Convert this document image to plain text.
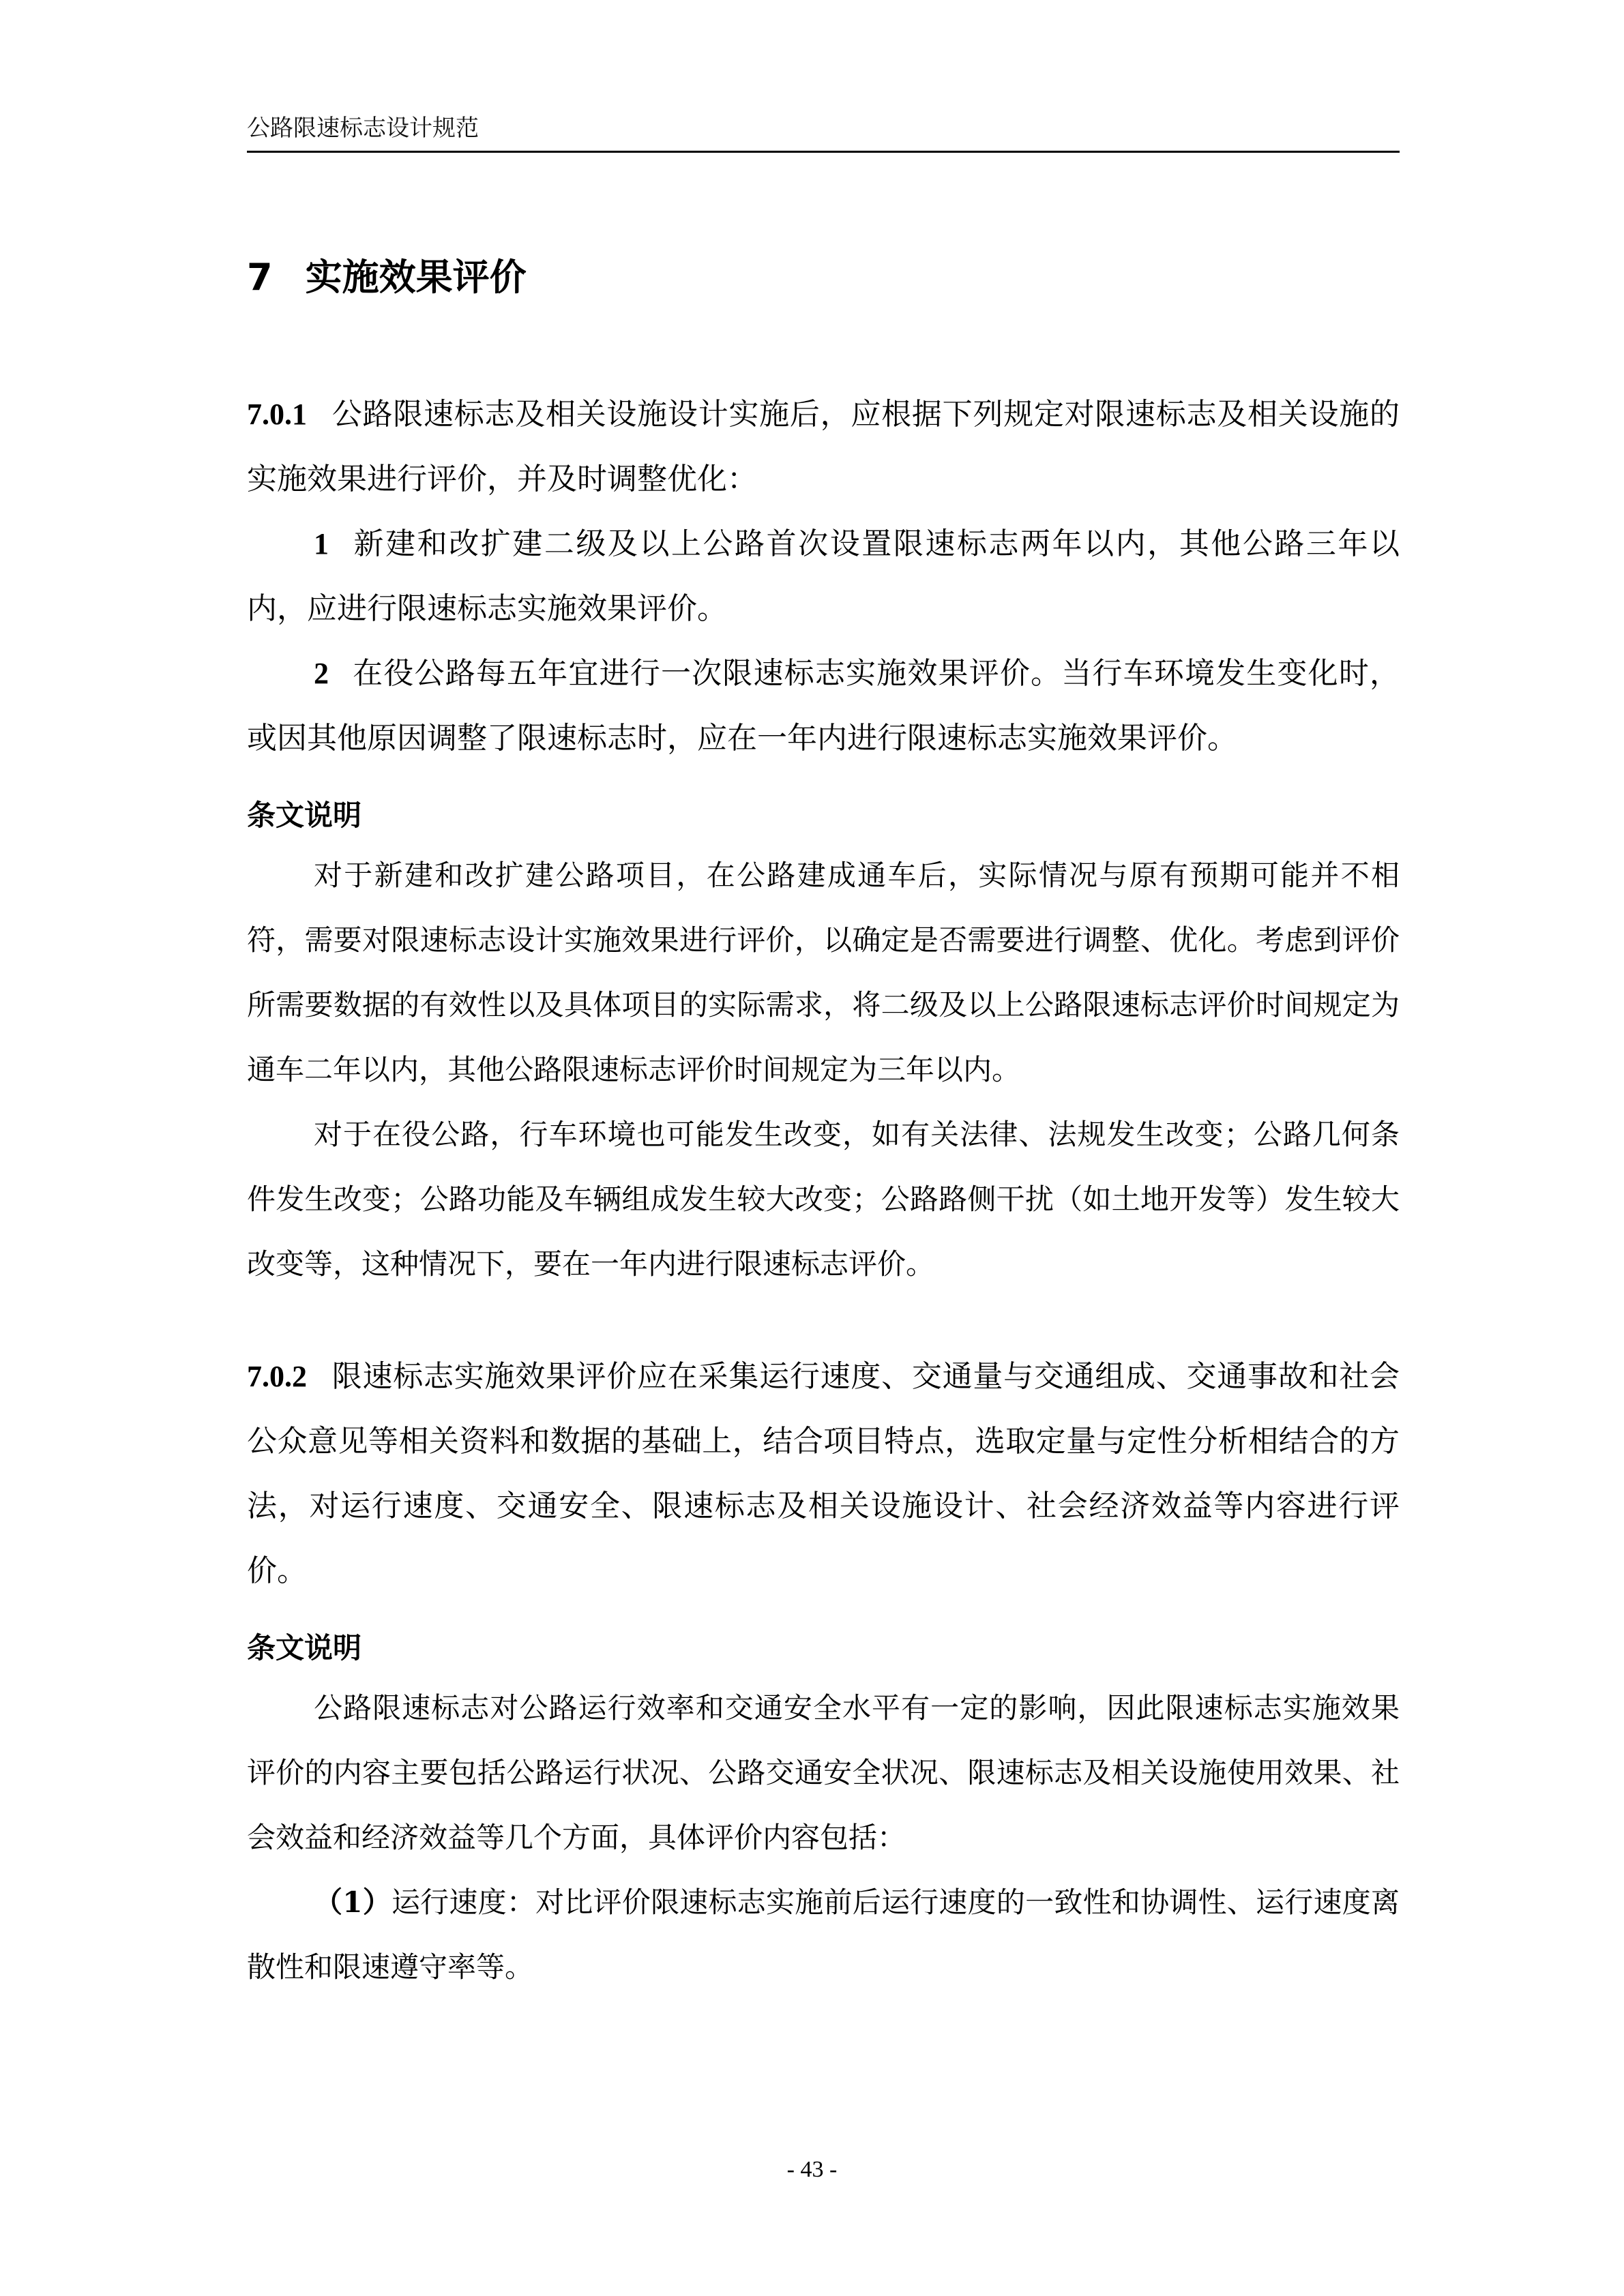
公路限速标志设计规范
7 实施效果评价

7.0.1 公路限速标志及相关设施设计实施后，应根据下列规定对限速标志及相关设施的实施效果进行评价，并及时调整优化：

1 新建和改扩建二级及以上公路首次设置限速标志两年以内，其他公路三年以内，应进行限速标志实施效果评价。

2 在役公路每五年宜进行一次限速标志实施效果评价。当行车环境发生变化时，或因其他原因调整了限速标志时，应在一年内进行限速标志实施效果评价。

条文说明

对于新建和改扩建公路项目，在公路建成通车后，实际情况与原有预期可能并不相符，需要对限速标志设计实施效果进行评价，以确定是否需要进行调整、优化。考虑到评价所需要数据的有效性以及具体项目的实际需求，将二级及以上公路限速标志评价时间规定为通车二年以内，其他公路限速标志评价时间规定为三年以内。

对于在役公路，行车环境也可能发生改变，如有关法律、法规发生改变；公路几何条件发生改变；公路功能及车辆组成发生较大改变；公路路侧干扰（如土地开发等）发生较大改变等，这种情况下，要在一年内进行限速标志评价。

7.0.2 限速标志实施效果评价应在采集运行速度、交通量与交通组成、交通事故和社会公众意见等相关资料和数据的基础上，结合项目特点，选取定量与定性分析相结合的方法，对运行速度、交通安全、限速标志及相关设施设计、社会经济效益等内容进行评价。

条文说明

公路限速标志对公路运行效率和交通安全水平有一定的影响，因此限速标志实施效果评价的内容主要包括公路运行状况、公路交通安全状况、限速标志及相关设施使用效果、社会效益和经济效益等几个方面，具体评价内容包括：

（1）运行速度：对比评价限速标志实施前后运行速度的一致性和协调性、运行速度离散性和限速遵守率等。

- 43 -
